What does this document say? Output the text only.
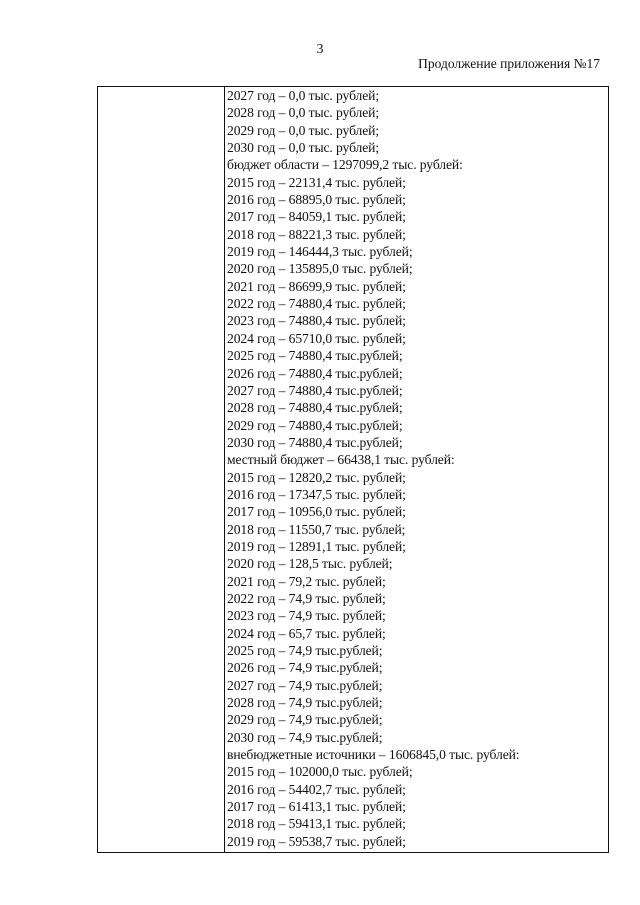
3
Продолжение приложения №17
2027 год – 0,0 тыс. рублей;
2028 год – 0,0 тыс. рублей;
2029 год – 0,0 тыс. рублей;
2030 год – 0,0 тыс. рублей;
бюджет области – 1297099,2 тыс. рублей:
2015 год – 22131,4 тыс. рублей;
2016 год – 68895,0 тыс. рублей;
2017 год – 84059,1 тыс. рублей;
2018 год – 88221,3 тыс. рублей;
2019 год – 146444,3 тыс. рублей;
2020 год – 135895,0 тыс. рублей;
2021 год – 86699,9 тыс. рублей;
2022 год – 74880,4 тыс. рублей;
2023 год – 74880,4 тыс. рублей;
2024 год – 65710,0 тыс. рублей;
2025 год – 74880,4 тыс.рублей;
2026 год – 74880,4 тыс.рублей;
2027 год – 74880,4 тыс.рублей;
2028 год – 74880,4 тыс.рублей;
2029 год – 74880,4 тыс.рублей;
2030 год – 74880,4 тыс.рублей;
местный бюджет – 66438,1 тыс. рублей:
2015 год – 12820,2 тыс. рублей;
2016 год – 17347,5 тыс. рублей;
2017 год – 10956,0 тыс. рублей;
2018 год – 11550,7 тыс. рублей;
2019 год – 12891,1 тыс. рублей;
2020 год – 128,5 тыс. рублей;
2021 год – 79,2 тыс. рублей;
2022 год – 74,9 тыс. рублей;
2023 год – 74,9 тыс. рублей;
2024 год – 65,7 тыс. рублей;
2025 год – 74,9 тыс.рублей;
2026 год – 74,9 тыс.рублей;
2027 год – 74,9 тыс.рублей;
2028 год – 74,9 тыс.рублей;
2029 год – 74,9 тыс.рублей;
2030 год – 74,9 тыс.рублей;
внебюджетные источники – 1606845,0 тыс. рублей:
2015 год – 102000,0 тыс. рублей;
2016 год – 54402,7 тыс. рублей;
2017 год – 61413,1 тыс. рублей;
2018 год – 59413,1 тыс. рублей;
2019 год – 59538,7 тыс. рублей;
